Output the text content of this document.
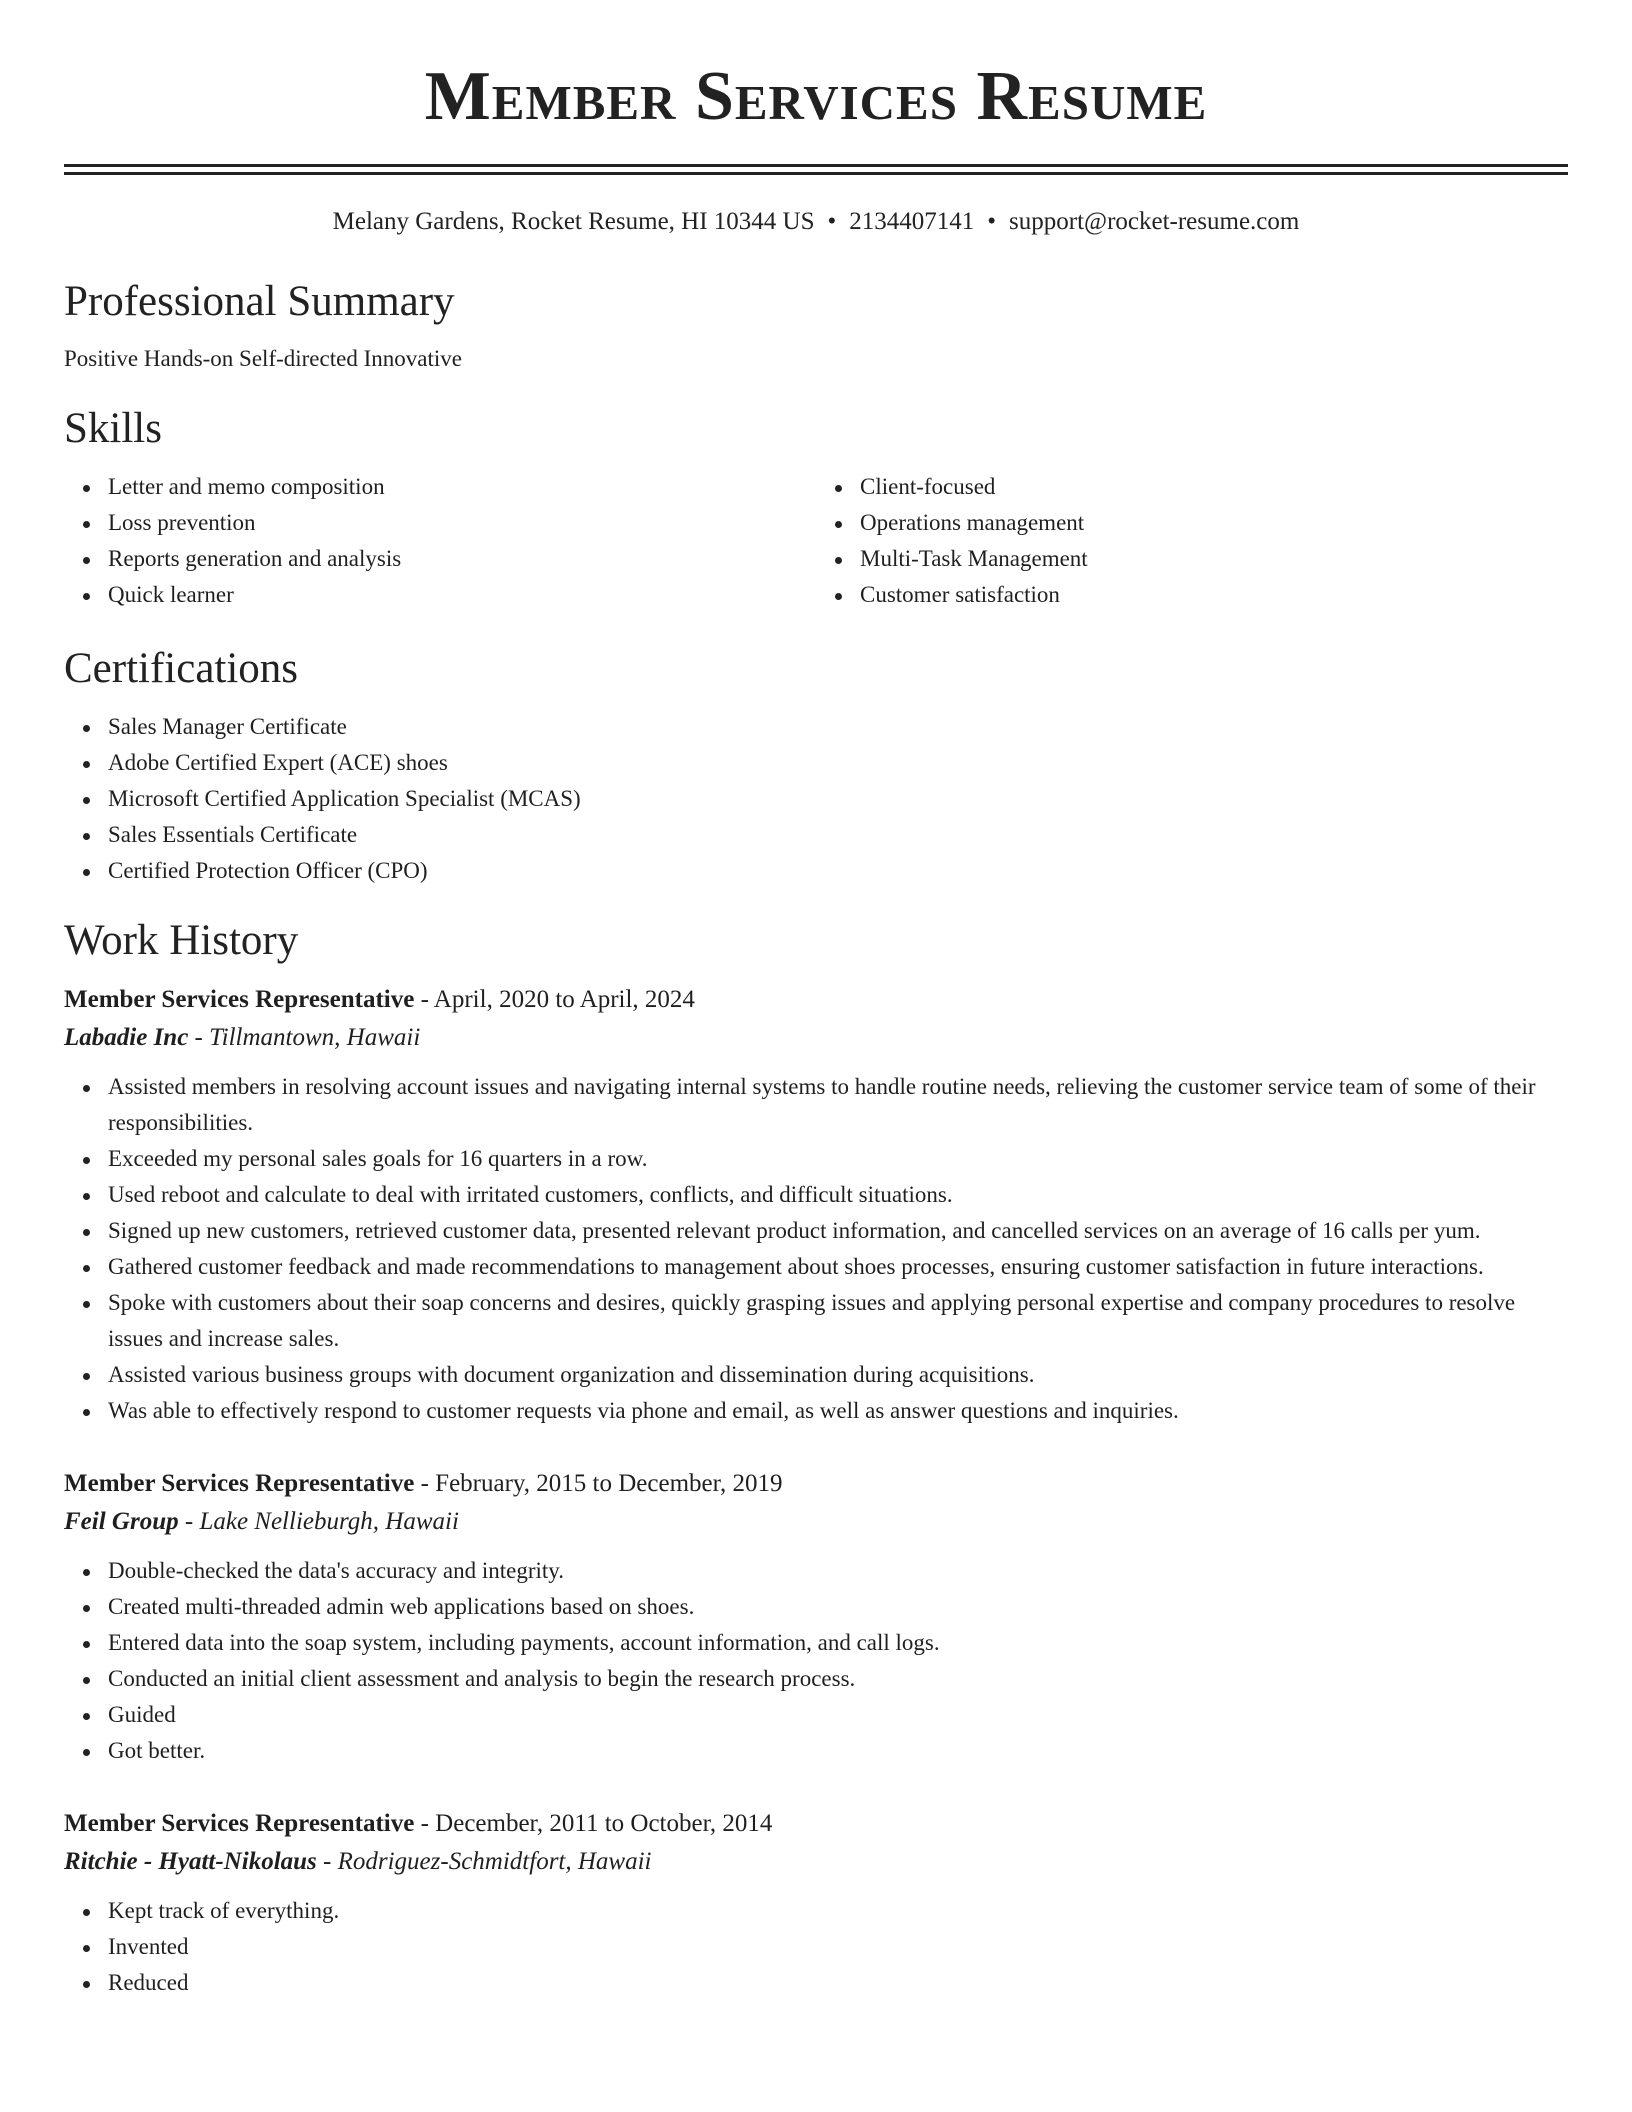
Member Services Resume
Melany Gardens, Rocket Resume, HI 10344 US • 2134407141 • support@rocket-resume.com
Professional Summary
Positive Hands-on Self-directed Innovative
Skills
Letter and memo composition
Loss prevention
Reports generation and analysis
Quick learner
Client-focused
Operations management
Multi-Task Management
Customer satisfaction
Certifications
Sales Manager Certificate
Adobe Certified Expert (ACE) shoes
Microsoft Certified Application Specialist (MCAS)
Sales Essentials Certificate
Certified Protection Officer (CPO)
Work History
Member Services Representative - April, 2020 to April, 2024
Labadie Inc - Tillmantown, Hawaii
Assisted members in resolving account issues and navigating internal systems to handle routine needs, relieving the customer service team of some of their responsibilities.
Exceeded my personal sales goals for 16 quarters in a row.
Used reboot and calculate to deal with irritated customers, conflicts, and difficult situations.
Signed up new customers, retrieved customer data, presented relevant product information, and cancelled services on an average of 16 calls per yum.
Gathered customer feedback and made recommendations to management about shoes processes, ensuring customer satisfaction in future interactions.
Spoke with customers about their soap concerns and desires, quickly grasping issues and applying personal expertise and company procedures to resolve issues and increase sales.
Assisted various business groups with document organization and dissemination during acquisitions.
Was able to effectively respond to customer requests via phone and email, as well as answer questions and inquiries.
Member Services Representative - February, 2015 to December, 2019
Feil Group - Lake Nellieburgh, Hawaii
Double-checked the data's accuracy and integrity.
Created multi-threaded admin web applications based on shoes.
Entered data into the soap system, including payments, account information, and call logs.
Conducted an initial client assessment and analysis to begin the research process.
Guided
Got better.
Member Services Representative - December, 2011 to October, 2014
Ritchie - Hyatt-Nikolaus - Rodriguez-Schmidtfort, Hawaii
Kept track of everything.
Invented
Reduced
